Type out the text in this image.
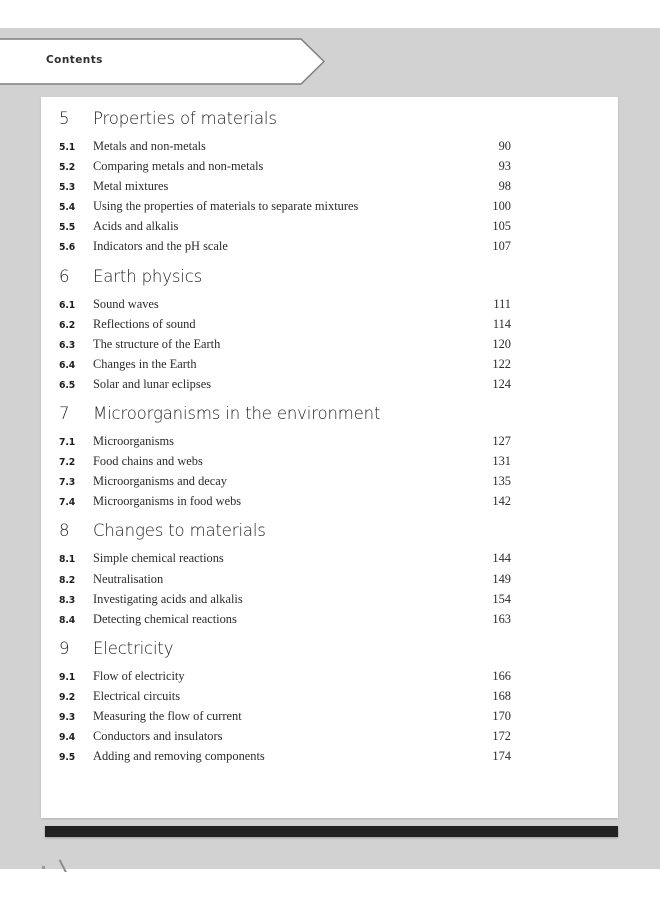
Contents
5	Properties of materials
5.1	Metals and non-metals	90
5.2	Comparing metals and non-metals	93
5.3	Metal mixtures	98
5.4	Using the properties of materials to separate mixtures	100
5.5	Acids and alkalis	105
5.6	Indicators and the pH scale	107
6	Earth physics
6.1	Sound waves	111
6.2	Reflections of sound	114
6.3	The structure of the Earth	120
6.4	Changes in the Earth	122
6.5	Solar and lunar eclipses	124
7	Microorganisms in the environment
7.1	Microorganisms	127
7.2	Food chains and webs	131
7.3	Microorganisms and decay	135
7.4	Microorganisms in food webs	142
8	Changes to materials
8.1	Simple chemical reactions	144
8.2	Neutralisation	149
8.3	Investigating acids and alkalis	154
8.4	Detecting chemical reactions	163
9	Electricity
9.1	Flow of electricity	166
9.2	Electrical circuits	168
9.3	Measuring the flow of current	170
9.4	Conductors and insulators	172
9.5	Adding and removing components	174
